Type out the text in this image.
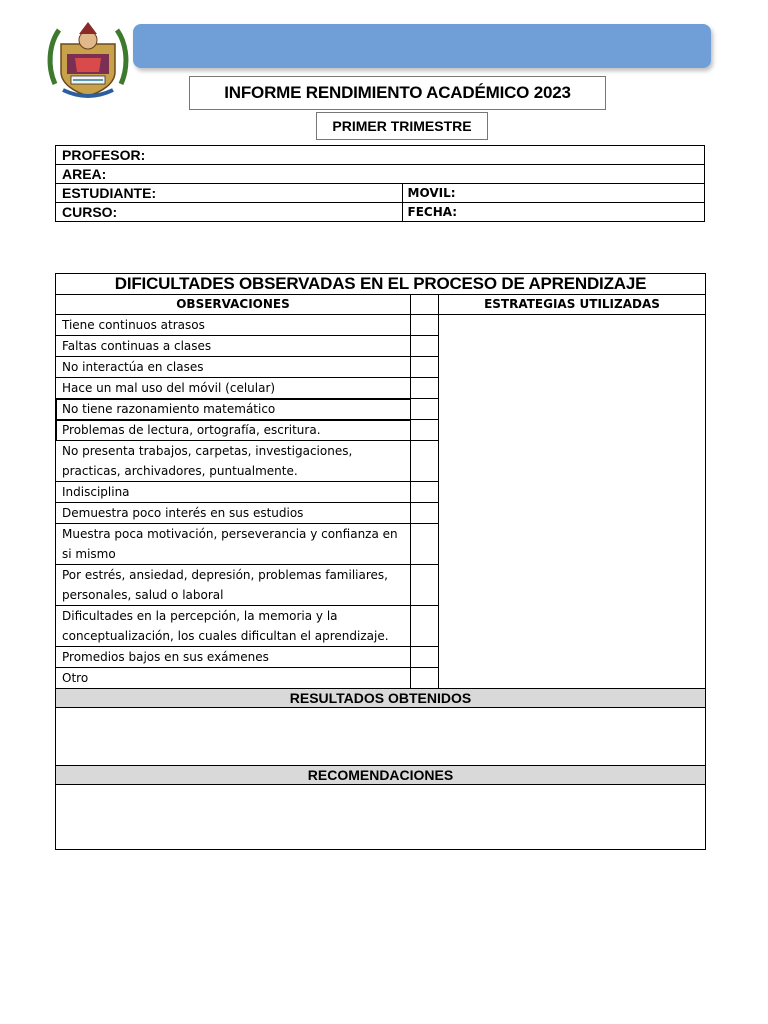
INFORME RENDIMIENTO ACADÉMICO 2023
PRIMER TRIMESTRE
PROFESOR:	
AREA:	
ESTUDIANTE:	MOVIL:
CURSO:	FECHA:
DIFICULTADES OBSERVADAS EN EL PROCESO DE APRENDIZAJE		
OBSERVACIONES		ESTRATEGIAS UTILIZADAS
Tiene continuos atrasos		
Faltas continuas a clases		
No interactúa en clases		
Hace un mal uso del móvil (celular)		
No tiene razonamiento matemático		
Problemas de lectura, ortografía, escritura.		
No presenta trabajos, carpetas, investigaciones, practicas, archivadores, puntualmente.		
Indisciplina		
Demuestra poco interés en sus estudios		
Muestra poca motivación, perseverancia y confianza en si mismo		
Por estrés, ansiedad, depresión, problemas familiares, personales, salud o laboral		
Dificultades en la percepción, la memoria y la conceptualización, los cuales dificultan el aprendizaje.		
Promedios bajos en sus exámenes		
Otro		
RESULTADOS OBTENIDOS		

RECOMENDACIONES		
